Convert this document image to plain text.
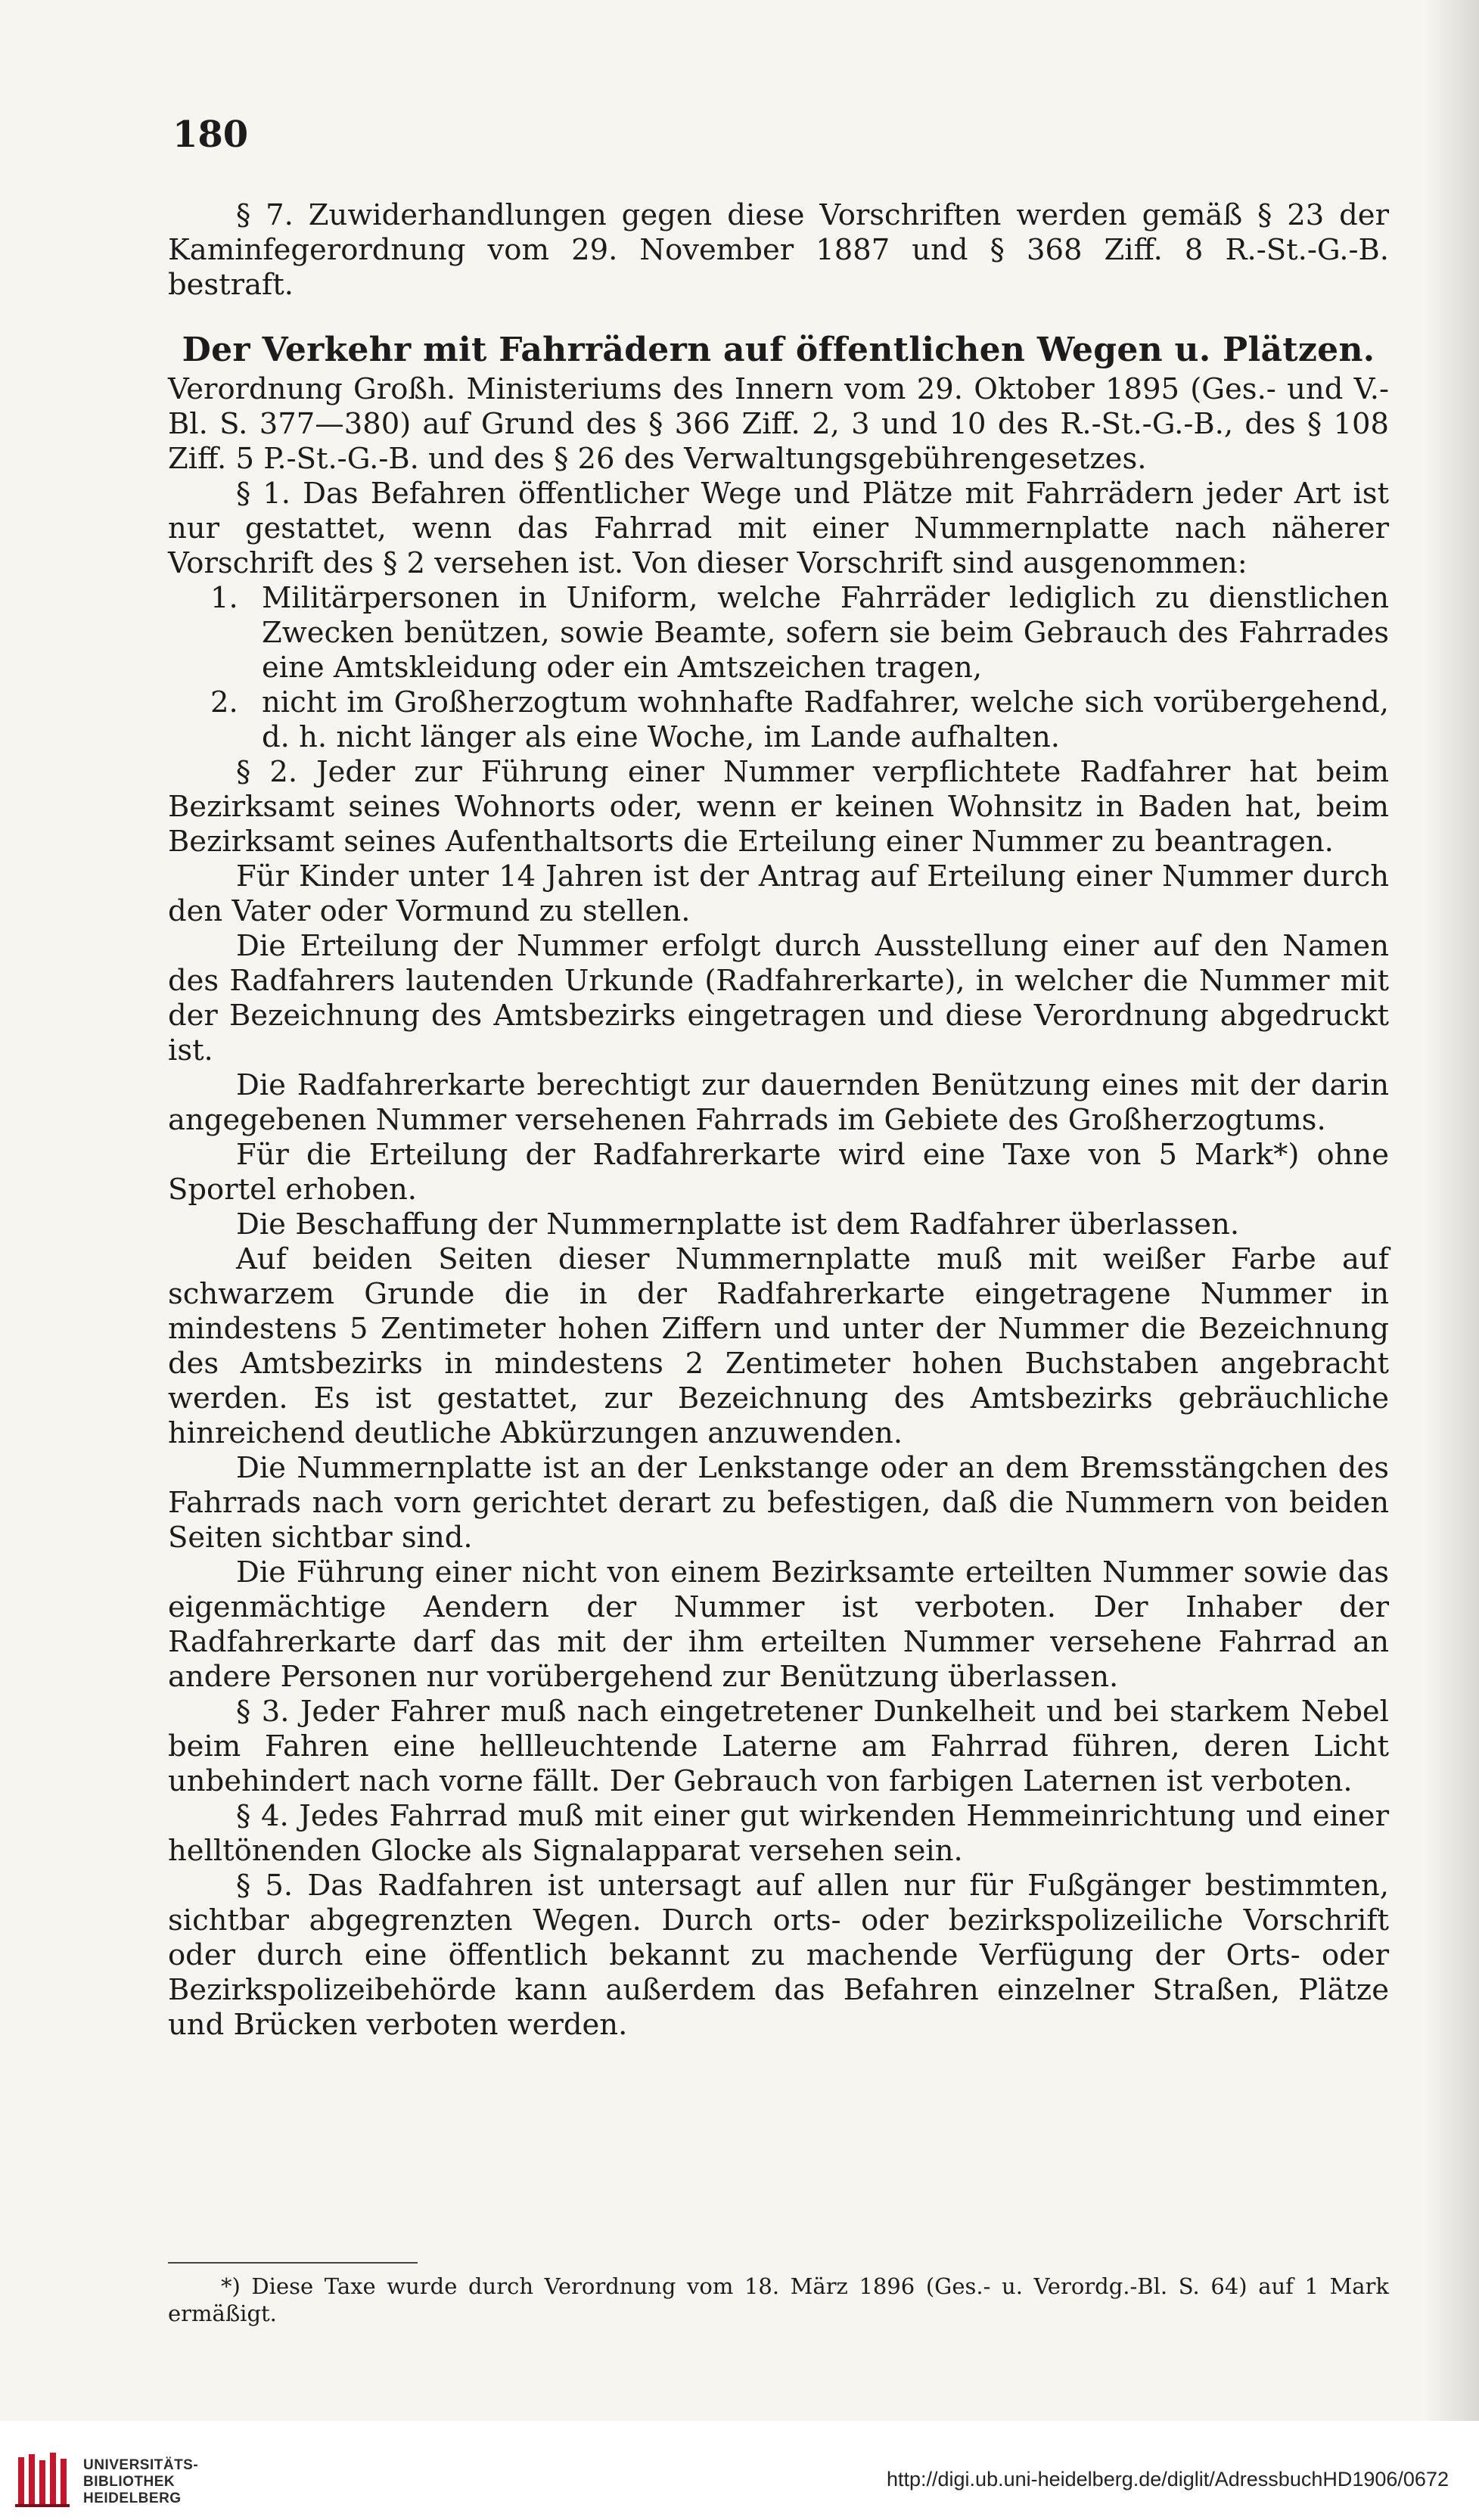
180

§ 7. Zuwiderhandlungen gegen diese Vorschriften werden gemäß § 23 der Kaminfegerordnung vom 29. November 1887 und § 368 Ziff. 8 R.-St.-G.-B. bestraft.

Der Verkehr mit Fahrrädern auf öffentlichen Wegen u. Plätzen.

Verordnung Großh. Ministeriums des Innern vom 29. Oktober 1895 (Ges.- und V.-Bl. S. 377—380) auf Grund des § 366 Ziff. 2, 3 und 10 des R.-St.-G.-B., des § 108 Ziff. 5 P.-St.-G.-B. und des § 26 des Verwaltungsgebührengesetzes.

§ 1. Das Befahren öffentlicher Wege und Plätze mit Fahrrädern jeder Art ist nur gestattet, wenn das Fahrrad mit einer Nummernplatte nach näherer Vorschrift des § 2 versehen ist. Von dieser Vorschrift sind ausgenommen:

1. Militärpersonen in Uniform, welche Fahrräder lediglich zu dienstlichen Zwecken benützen, sowie Beamte, sofern sie beim Gebrauch des Fahrrades eine Amtskleidung oder ein Amtszeichen tragen,
2. nicht im Großherzogtum wohnhafte Radfahrer, welche sich vorübergehend, d. h. nicht länger als eine Woche, im Lande aufhalten.

§ 2. Jeder zur Führung einer Nummer verpflichtete Radfahrer hat beim Bezirksamt seines Wohnorts oder, wenn er keinen Wohnsitz in Baden hat, beim Bezirksamt seines Aufenthaltsorts die Erteilung einer Nummer zu beantragen.

Für Kinder unter 14 Jahren ist der Antrag auf Erteilung einer Nummer durch den Vater oder Vormund zu stellen.

Die Erteilung der Nummer erfolgt durch Ausstellung einer auf den Namen des Radfahrers lautenden Urkunde (Radfahrerkarte), in welcher die Nummer mit der Bezeichnung des Amtsbezirks eingetragen und diese Verordnung abgedruckt ist.

Die Radfahrerkarte berechtigt zur dauernden Benützung eines mit der darin angegebenen Nummer versehenen Fahrrads im Gebiete des Großherzogtums.

Für die Erteilung der Radfahrerkarte wird eine Taxe von 5 Mark*) ohne Sportel erhoben.

Die Beschaffung der Nummernplatte ist dem Radfahrer überlassen.

Auf beiden Seiten dieser Nummernplatte muß mit weißer Farbe auf schwarzem Grunde die in der Radfahrerkarte eingetragene Nummer in mindestens 5 Zentimeter hohen Ziffern und unter der Nummer die Bezeichnung des Amtsbezirks in mindestens 2 Zentimeter hohen Buchstaben angebracht werden. Es ist gestattet, zur Bezeichnung des Amtsbezirks gebräuchliche hinreichend deutliche Abkürzungen anzuwenden.

Die Nummernplatte ist an der Lenkstange oder an dem Bremsstängchen des Fahrrads nach vorn gerichtet derart zu befestigen, daß die Nummern von beiden Seiten sichtbar sind.

Die Führung einer nicht von einem Bezirksamte erteilten Nummer sowie das eigenmächtige Aendern der Nummer ist verboten. Der Inhaber der Radfahrerkarte darf das mit der ihm erteilten Nummer versehene Fahrrad an andere Personen nur vorübergehend zur Benützung überlassen.

§ 3. Jeder Fahrer muß nach eingetretener Dunkelheit und bei starkem Nebel beim Fahren eine hellleuchtende Laterne am Fahrrad führen, deren Licht unbehindert nach vorne fällt. Der Gebrauch von farbigen Laternen ist verboten.

§ 4. Jedes Fahrrad muß mit einer gut wirkenden Hemmeinrichtung und einer helltönenden Glocke als Signalapparat versehen sein.

§ 5. Das Radfahren ist untersagt auf allen nur für Fußgänger bestimmten, sichtbar abgegrenzten Wegen. Durch orts- oder bezirkspolizeiliche Vorschrift oder durch eine öffentlich bekannt zu machende Verfügung der Orts- oder Bezirkspolizeibehörde kann außerdem das Befahren einzelner Straßen, Plätze und Brücken verboten werden.

*) Diese Taxe wurde durch Verordnung vom 18. März 1896 (Ges.- u. Verordg.-Bl. S. 64) auf 1 Mark ermäßigt.
UNIVERSITÄTS-
BIBLIOTHEK
HEIDELBERG
http://digi.ub.uni-heidelberg.de/diglit/AdressbuchHD1906/0672
